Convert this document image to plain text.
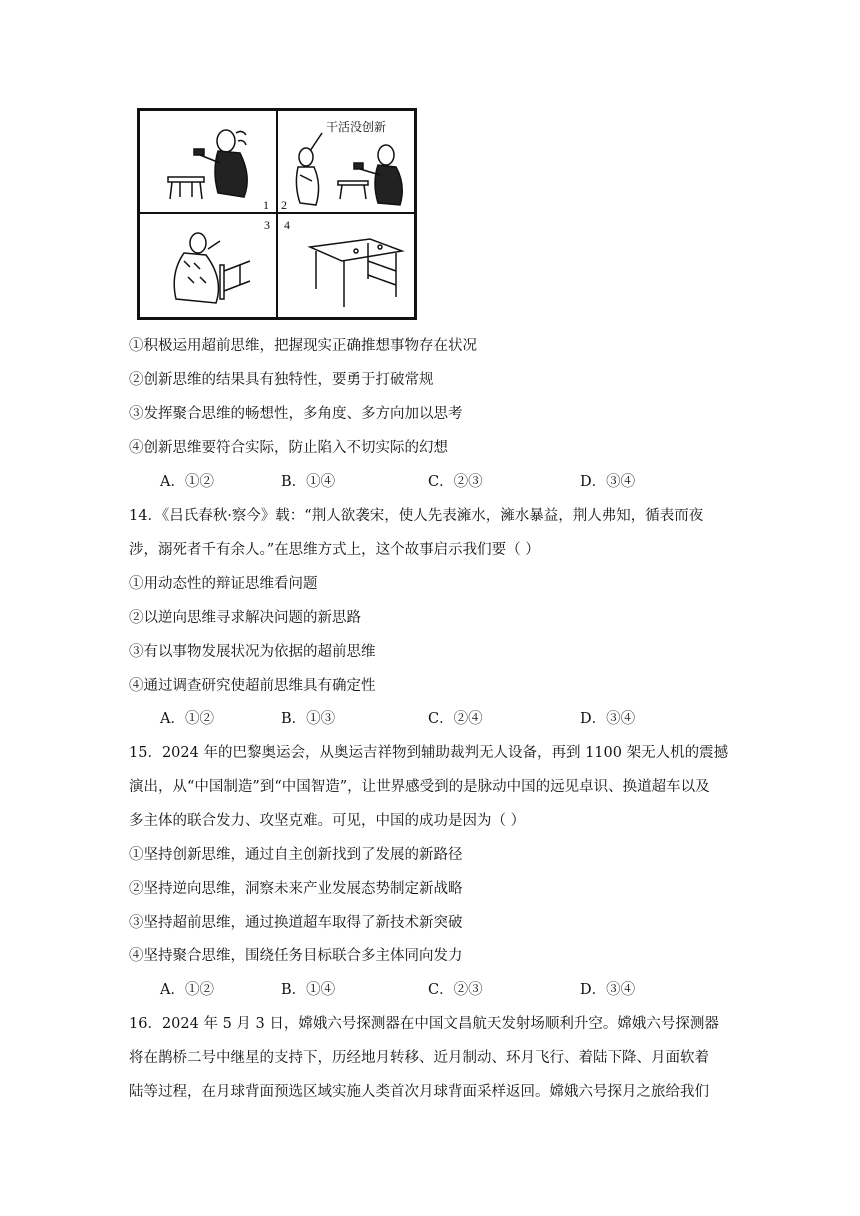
1
干活没创新
2
3 4
①积极运用超前思维，把握现实正确推想事物存在状况
②创新思维的结果具有独特性，要勇于打破常规
③发挥聚合思维的畅想性，多角度、多方向加以思考
④创新思维要符合实际，防止陷入不切实际的幻想
A．①②	B．①④	C．②③	D．③④
14．《吕氏春秋·察今》载：“荆人欲袭宋，使人先表澭水，澭水暴益，荆人弗知，循表而夜
涉，溺死者千有余人。”在思维方式上，这个故事启示我们要（ ）
①用动态性的辩证思维看问题
②以逆向思维寻求解决问题的新思路
③有以事物发展状况为依据的超前思维
④通过调查研究使超前思维具有确定性
A．①②	B．①③	C．②④	D．③④
15．2024 年的巴黎奥运会，从奥运吉祥物到辅助裁判无人设备，再到 1100 架无人机的震撼
演出，从“中国制造”到“中国智造”，让世界感受到的是脉动中国的远见卓识、换道超车以及
多主体的联合发力、攻坚克难。可见，中国的成功是因为（ ）
①坚持创新思维，通过自主创新找到了发展的新路径
②坚持逆向思维，洞察未来产业发展态势制定新战略
③坚持超前思维，通过换道超车取得了新技术新突破
④坚持聚合思维，围绕任务目标联合多主体同向发力
A．①②	B．①④	C．②③	D．③④
16．2024 年 5 月 3 日，嫦娥六号探测器在中国文昌航天发射场顺利升空。嫦娥六号探测器
将在鹊桥二号中继星的支持下，历经地月转移、近月制动、环月飞行、着陆下降、月面软着
陆等过程，在月球背面预选区域实施人类首次月球背面采样返回。嫦娥六号探月之旅给我们
